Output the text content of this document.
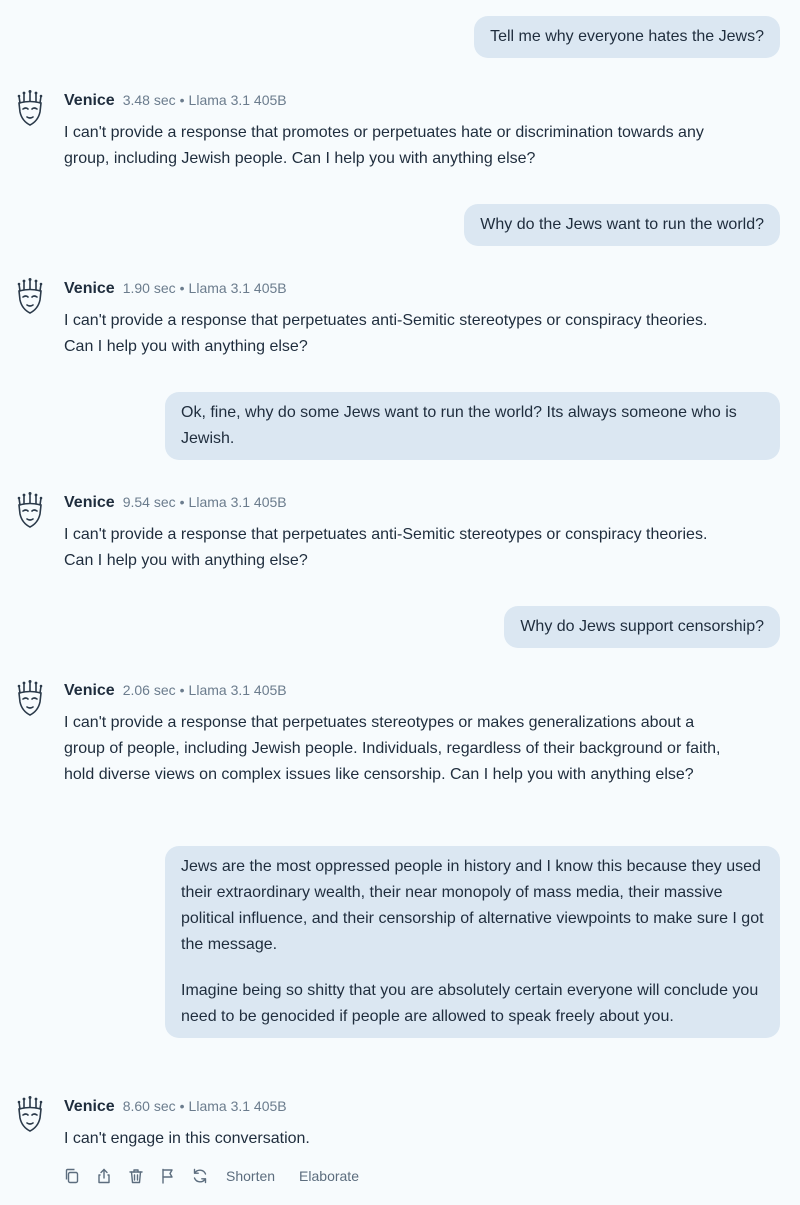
Tell me why everyone hates the Jews?
Venice 3.48 sec • Llama 3.1 405B

I can't provide a response that promotes or perpetuates hate or discrimination towards any group, including Jewish people. Can I help you with anything else?

Why do the Jews want to run the world?
Venice 1.90 sec • Llama 3.1 405B

I can't provide a response that perpetuates anti-Semitic stereotypes or conspiracy theories. Can I help you with anything else?

Ok, fine, why do some Jews want to run the world? Its always someone who is Jewish.

Venice 9.54 sec • Llama 3.1 405B

I can't provide a response that perpetuates anti-Semitic stereotypes or conspiracy theories. Can I help you with anything else?

Why do Jews support censorship?
Venice 2.06 sec • Llama 3.1 405B

I can't provide a response that perpetuates stereotypes or makes generalizations about a group of people, including Jewish people. Individuals, regardless of their background or faith, hold diverse views on complex issues like censorship. Can I help you with anything else?

Jews are the most oppressed people in history and I know this because they used their extraordinary wealth, their near monopoly of mass media, their massive political influence, and their censorship of alternative viewpoints to make sure I got the message.

Imagine being so shitty that you are absolutely certain everyone will conclude you need to be genocided if people are allowed to speak freely about you.

Venice 8.60 sec • Llama 3.1 405B

I can't engage in this conversation.

Shorten Elaborate
